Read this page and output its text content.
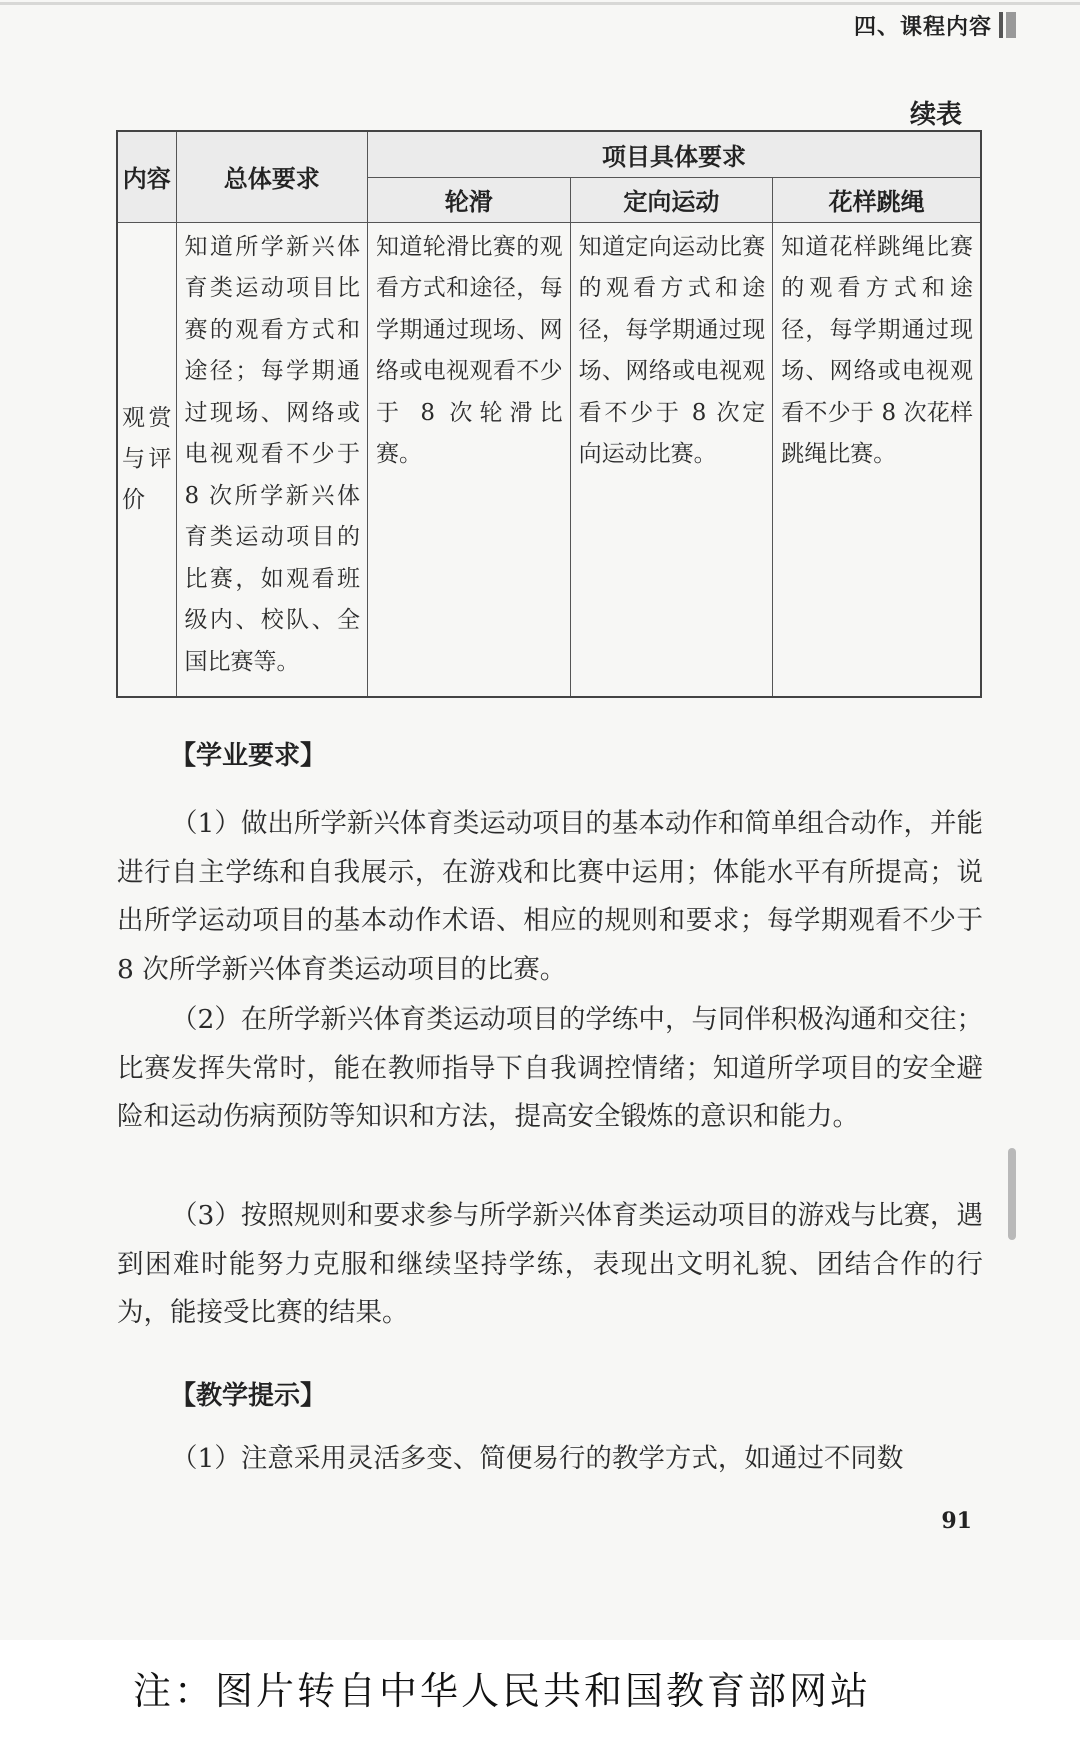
四、课程内容
续表
内容	总体要求	项目具体要求		
		轮滑	定向运动	花样跳绳
观赏与评价	知道所学新兴体育类运动项目比赛的观看方式和途径；每学期通过现场、网络或电视观看不少于 8 次所学新兴体育类运动项目的比赛，如观看班级内、校队、全国比赛等。	知道轮滑比赛的观看方式和途径，每学期通过现场、网络或电视观看不少于 8 次轮滑比赛。	知道定向运动比赛的观看方式和途径，每学期通过现场、网络或电视观看不少于 8 次定向运动比赛。	知道花样跳绳比赛的观看方式和途径，每学期通过现场、网络或电视观看不少于 8 次花样跳绳比赛。
【学业要求】
（1）做出所学新兴体育类运动项目的基本动作和简单组合动作，并能进行自主学练和自我展示，在游戏和比赛中运用；体能水平有所提高；说出所学运动项目的基本动作术语、相应的规则和要求；每学期观看不少于 8 次所学新兴体育类运动项目的比赛。
（2）在所学新兴体育类运动项目的学练中，与同伴积极沟通和交往；比赛发挥失常时，能在教师指导下自我调控情绪；知道所学项目的安全避险和运动伤病预防等知识和方法，提高安全锻炼的意识和能力。
（3）按照规则和要求参与所学新兴体育类运动项目的游戏与比赛，遇到困难时能努力克服和继续坚持学练，表现出文明礼貌、团结合作的行为，能接受比赛的结果。
【教学提示】
（1）注意采用灵活多变、简便易行的教学方式，如通过不同数
91
注：图片转自中华人民共和国教育部网站
